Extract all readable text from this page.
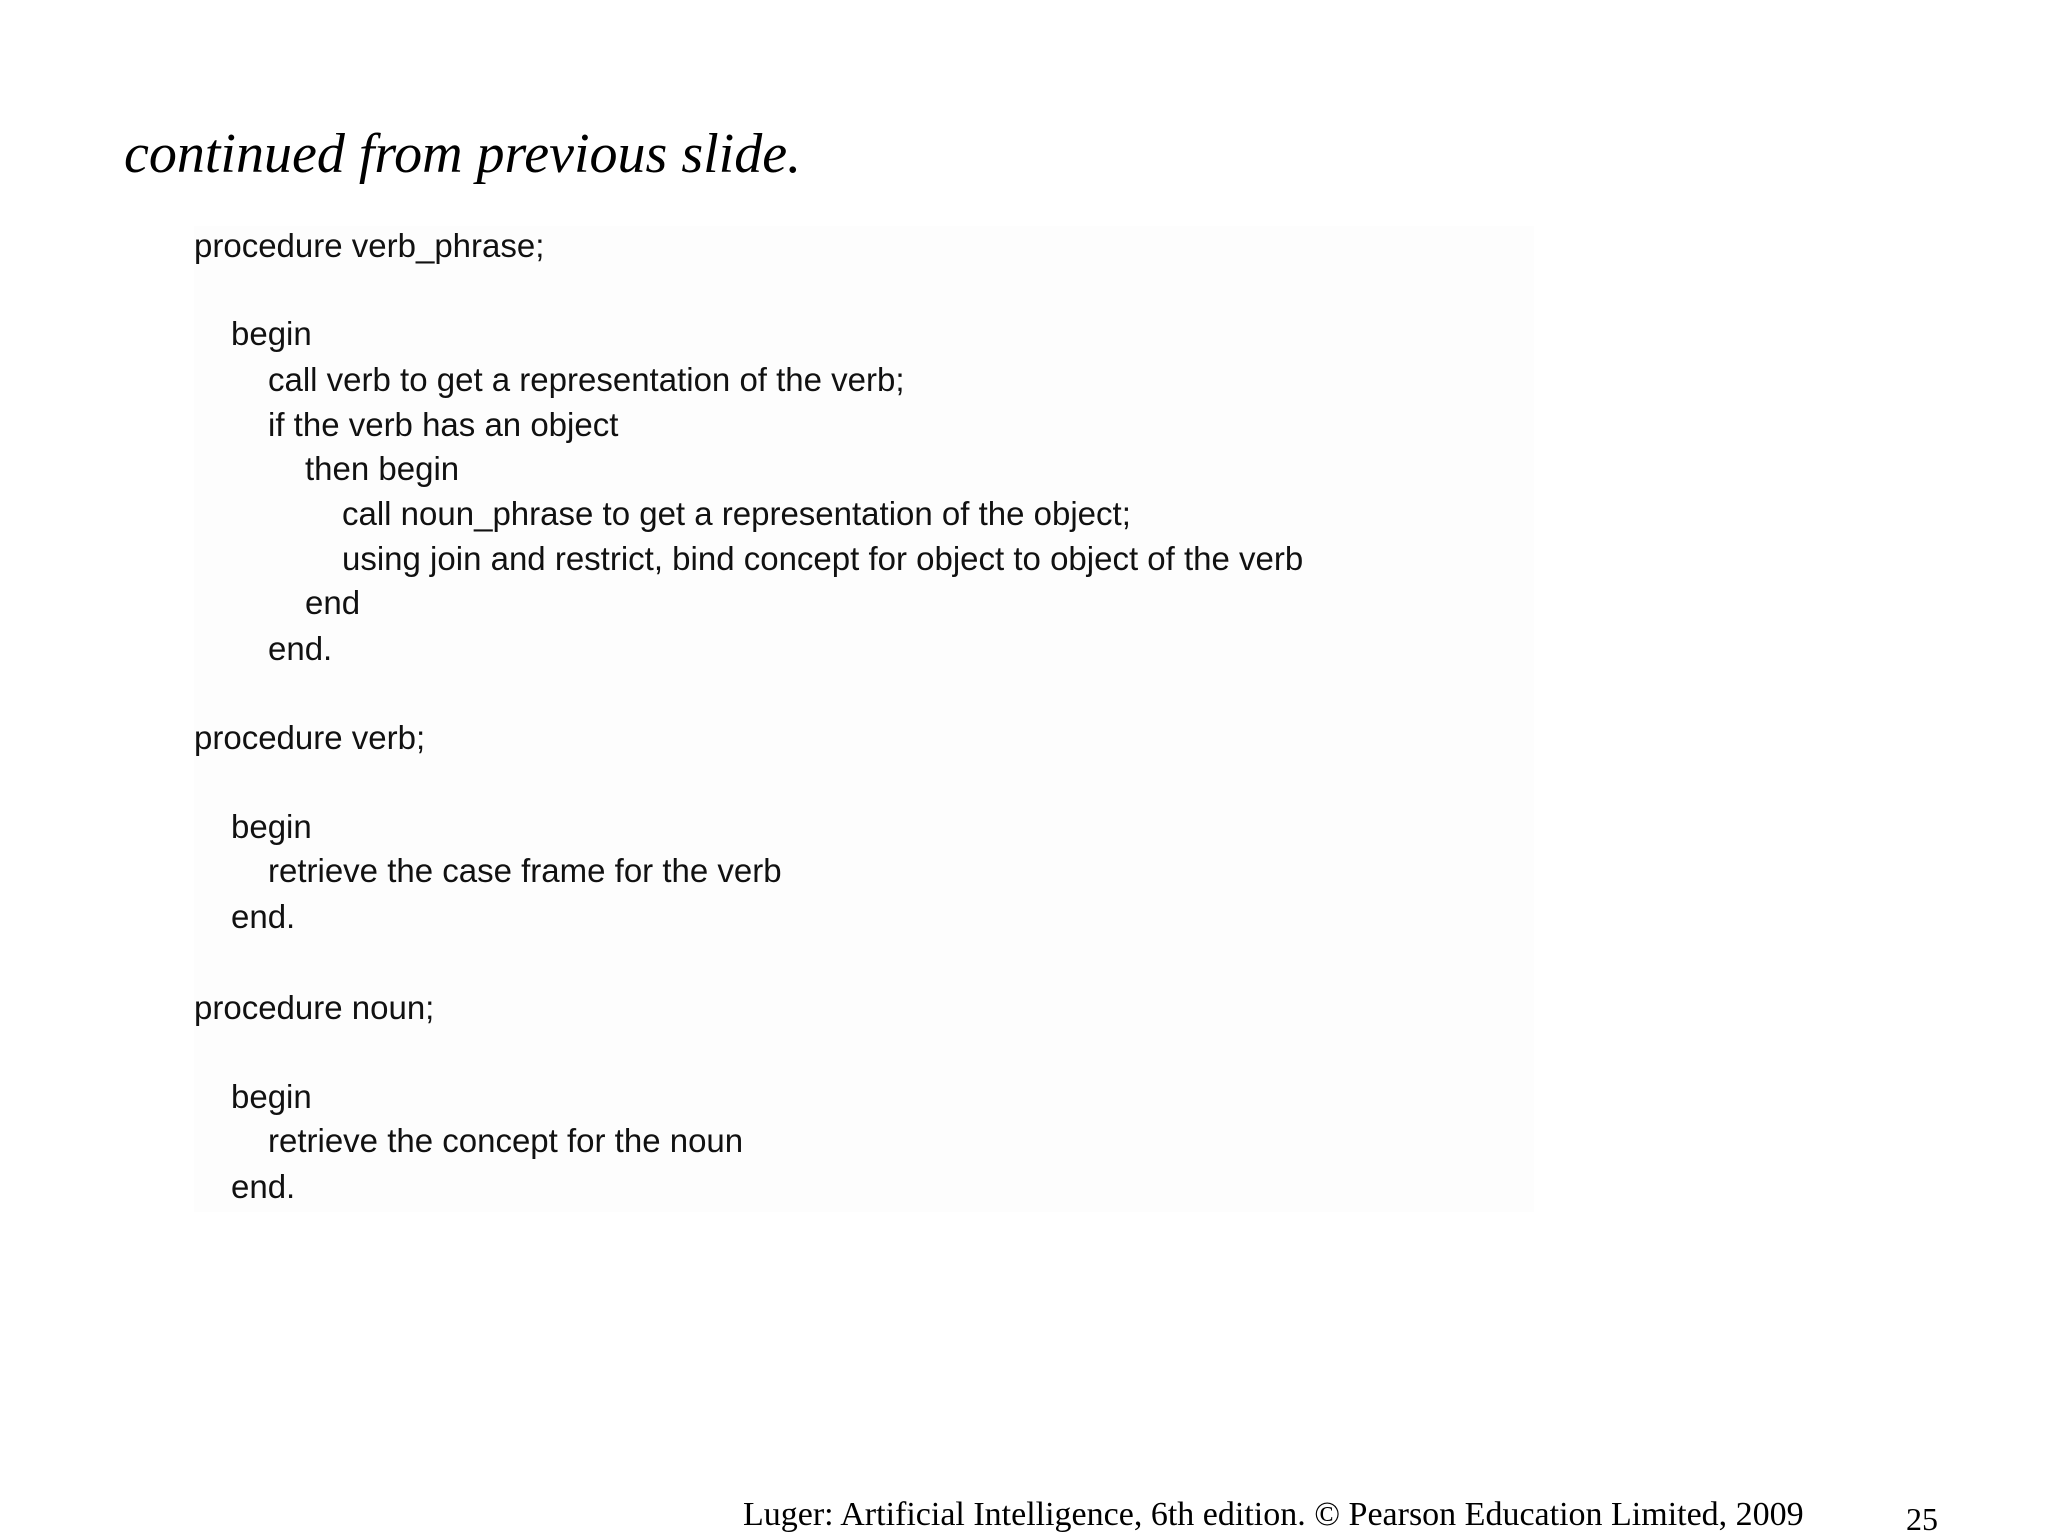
continued from previous slide.
procedure verb_phrase;
begin
call verb to get a representation of the verb;
if the verb has an object
then begin
call noun_phrase to get a representation of the object;
using join and restrict, bind concept for object to object of the verb
end
end.
procedure verb;
begin
retrieve the case frame for the verb
end.
procedure noun;
begin
retrieve the concept for the noun
end.
Luger: Artificial Intelligence, 6th edition. © Pearson Education Limited, 2009	25
